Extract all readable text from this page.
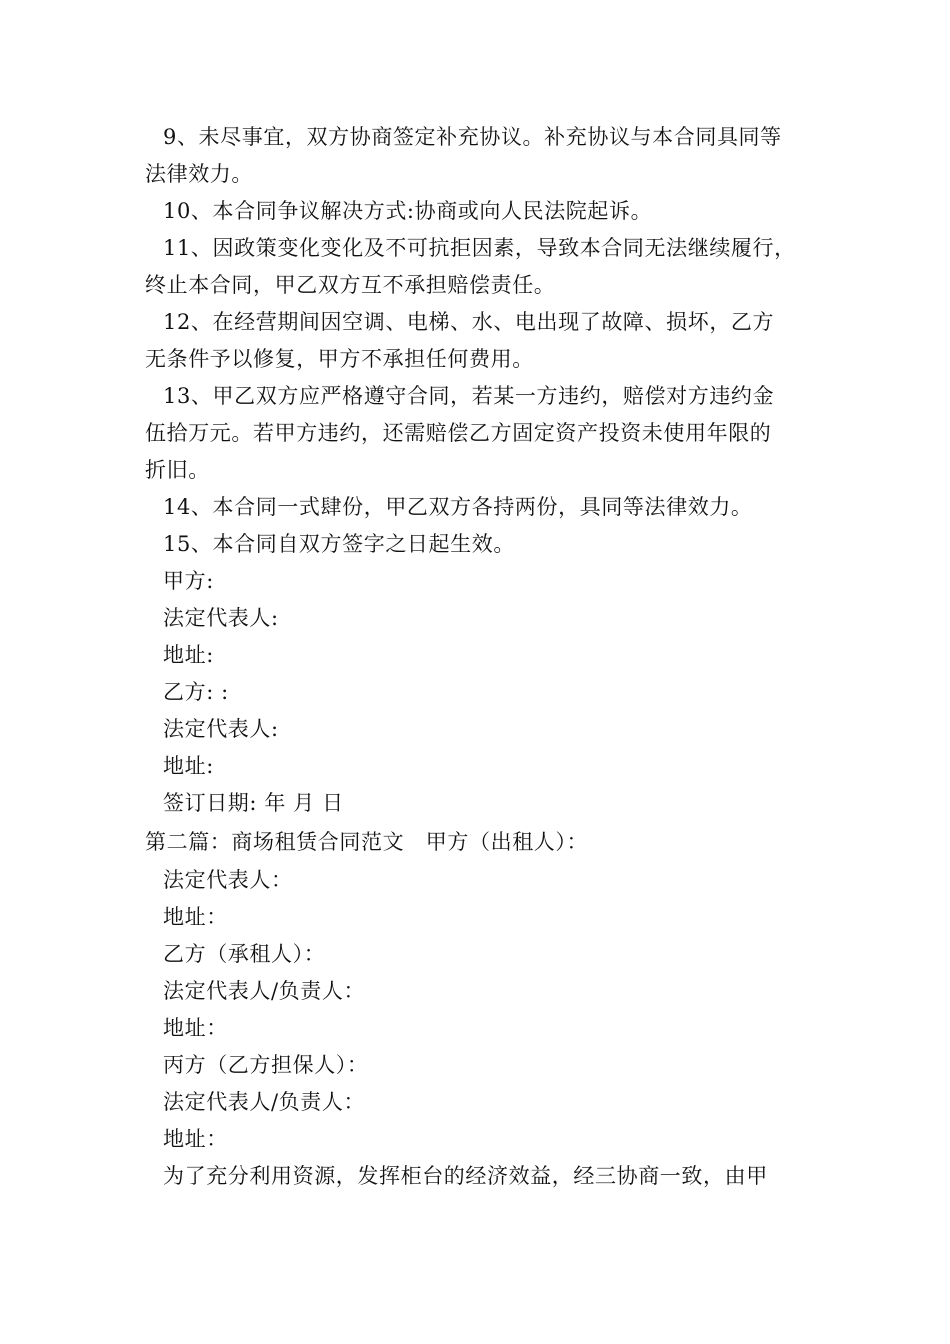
9、未尽事宜，双方协商签定补充协议。补充协议与本合同具同等
法律效力。
10、本合同争议解决方式:协商或向人民法院起诉。
11、因政策变化变化及不可抗拒因素，导致本合同无法继续履行，
终止本合同，甲乙双方互不承担赔偿责任。
12、在经营期间因空调、电梯、水、电出现了故障、损坏，乙方
无条件予以修复，甲方不承担任何费用。
13、甲乙双方应严格遵守合同，若某一方违约，赔偿对方违约金
伍拾万元。若甲方违约，还需赔偿乙方固定资产投资未使用年限的
折旧。
14、本合同一式肆份，甲乙双方各持两份，具同等法律效力。
15、本合同自双方签字之日起生效。
甲方:
法定代表人:
地址:
乙方: :
法定代表人:
地址:
签订日期: 年 月 日
第二篇：商场租赁合同范文　甲方（出租人）：
法定代表人：
地址：
乙方（承租人）：
法定代表人/负责人：
地址：
丙方（乙方担保人）：
法定代表人/负责人：
地址：
为了充分利用资源，发挥柜台的经济效益，经三协商一致，由甲
